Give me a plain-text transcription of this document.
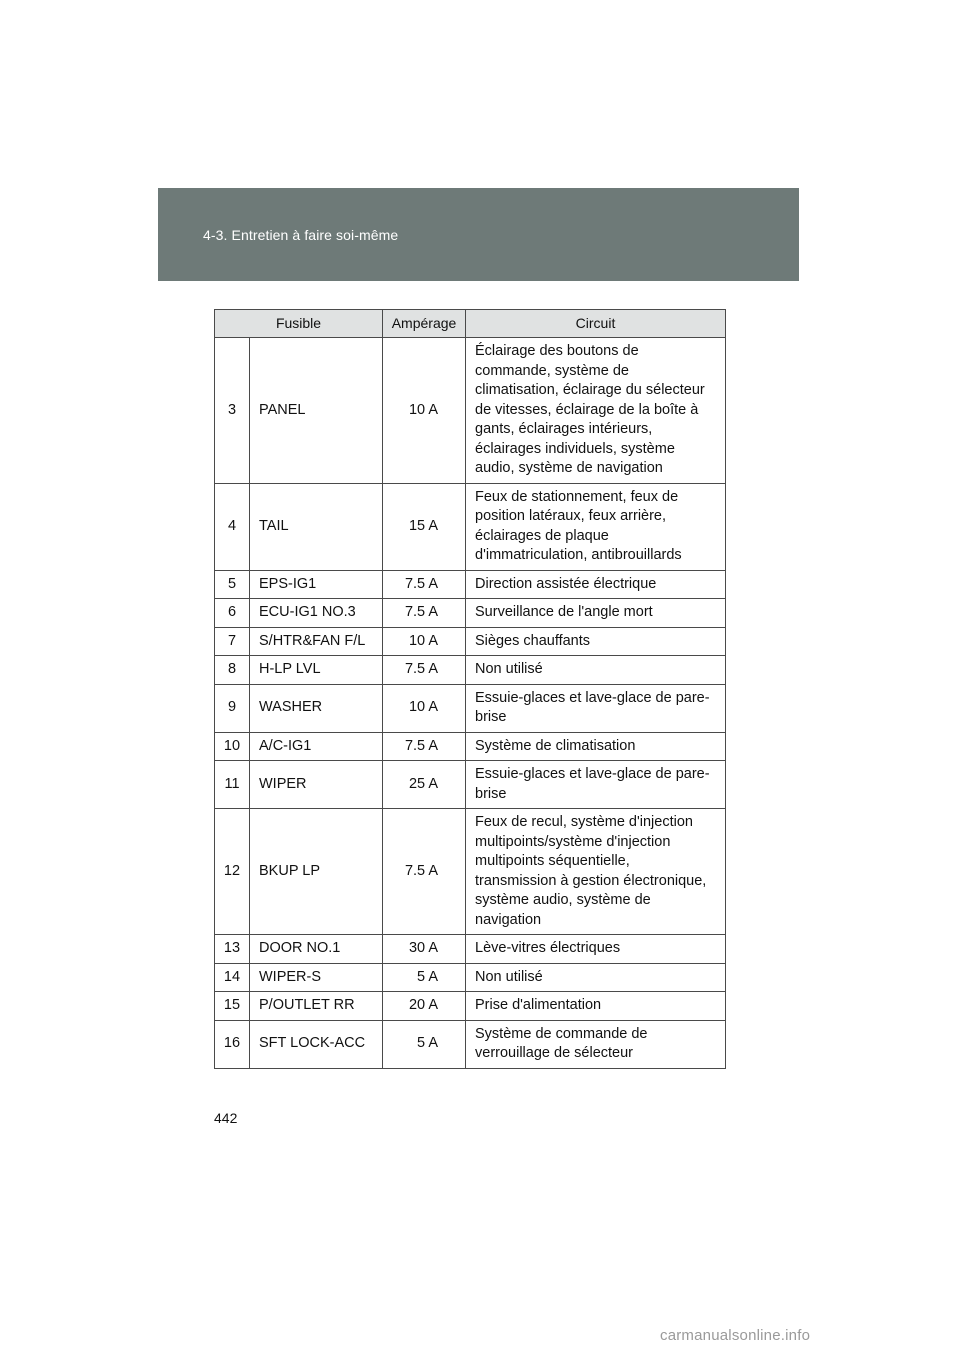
4-3. Entretien à faire soi-même
Fusible		Ampérage	Circuit
3	PANEL	10 A	Éclairage des boutons de commande, système de climatisation, éclairage du sélecteur de vitesses, éclairage de la boîte à gants, éclairages intérieurs, éclairages individuels, système audio, système de navigation
4	TAIL	15 A	Feux de stationnement, feux de position latéraux, feux arrière, éclairages de plaque d'immatriculation, antibrouillards
5	EPS-IG1	7.5 A	Direction assistée électrique
6	ECU-IG1 NO.3	7.5 A	Surveillance de l'angle mort
7	S/HTR&FAN F/L	10 A	Sièges chauffants
8	H-LP LVL	7.5 A	Non utilisé
9	WASHER	10 A	Essuie-glaces et lave-glace de pare-brise
10	A/C-IG1	7.5 A	Système de climatisation
11	WIPER	25 A	Essuie-glaces et lave-glace de pare-brise
12	BKUP LP	7.5 A	Feux de recul, système d'injection multipoints/système d'injection multipoints séquentielle, transmission à gestion électronique, système audio, système de navigation
13	DOOR NO.1	30 A	Lève-vitres électriques
14	WIPER-S	5 A	Non utilisé
15	P/OUTLET RR	20 A	Prise d'alimentation
16	SFT LOCK-ACC	5 A	Système de commande de verrouillage de sélecteur
442
carmanualsonline.info
